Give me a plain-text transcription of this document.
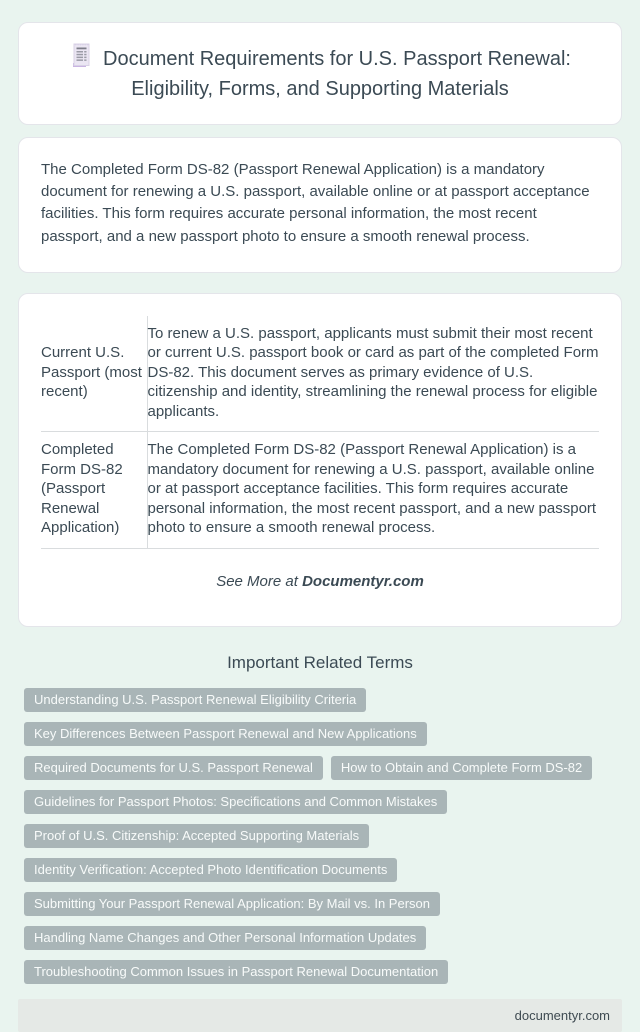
Document Requirements for U.S. Passport Renewal: Eligibility, Forms, and Supporting Materials

The Completed Form DS-82 (Passport Renewal Application) is a mandatory document for renewing a U.S. passport, available online or at passport acceptance facilities. This form requires accurate personal information, the most recent passport, and a new passport photo to ensure a smooth renewal process.

Current U.S. Passport (most recent)	To renew a U.S. passport, applicants must submit their most recent or current U.S. passport book or card as part of the completed Form DS-82. This document serves as primary evidence of U.S. citizenship and identity, streamlining the renewal process for eligible applicants.
Completed Form DS-82 (Passport Renewal Application)	The Completed Form DS-82 (Passport Renewal Application) is a mandatory document for renewing a U.S. passport, available online or at passport acceptance facilities. This form requires accurate personal information, the most recent passport, and a new passport photo to ensure a smooth renewal process.
See More at Documentyr.com
Important Related Terms
Understanding U.S. Passport Renewal Eligibility Criteria
Key Differences Between Passport Renewal and New Applications
Required Documents for U.S. Passport Renewal	How to Obtain and Complete Form DS-82
Guidelines for Passport Photos: Specifications and Common Mistakes
Proof of U.S. Citizenship: Accepted Supporting Materials
Identity Verification: Accepted Photo Identification Documents
Submitting Your Passport Renewal Application: By Mail vs. In Person
Handling Name Changes and Other Personal Information Updates
Troubleshooting Common Issues in Passport Renewal Documentation
documentyr.com
